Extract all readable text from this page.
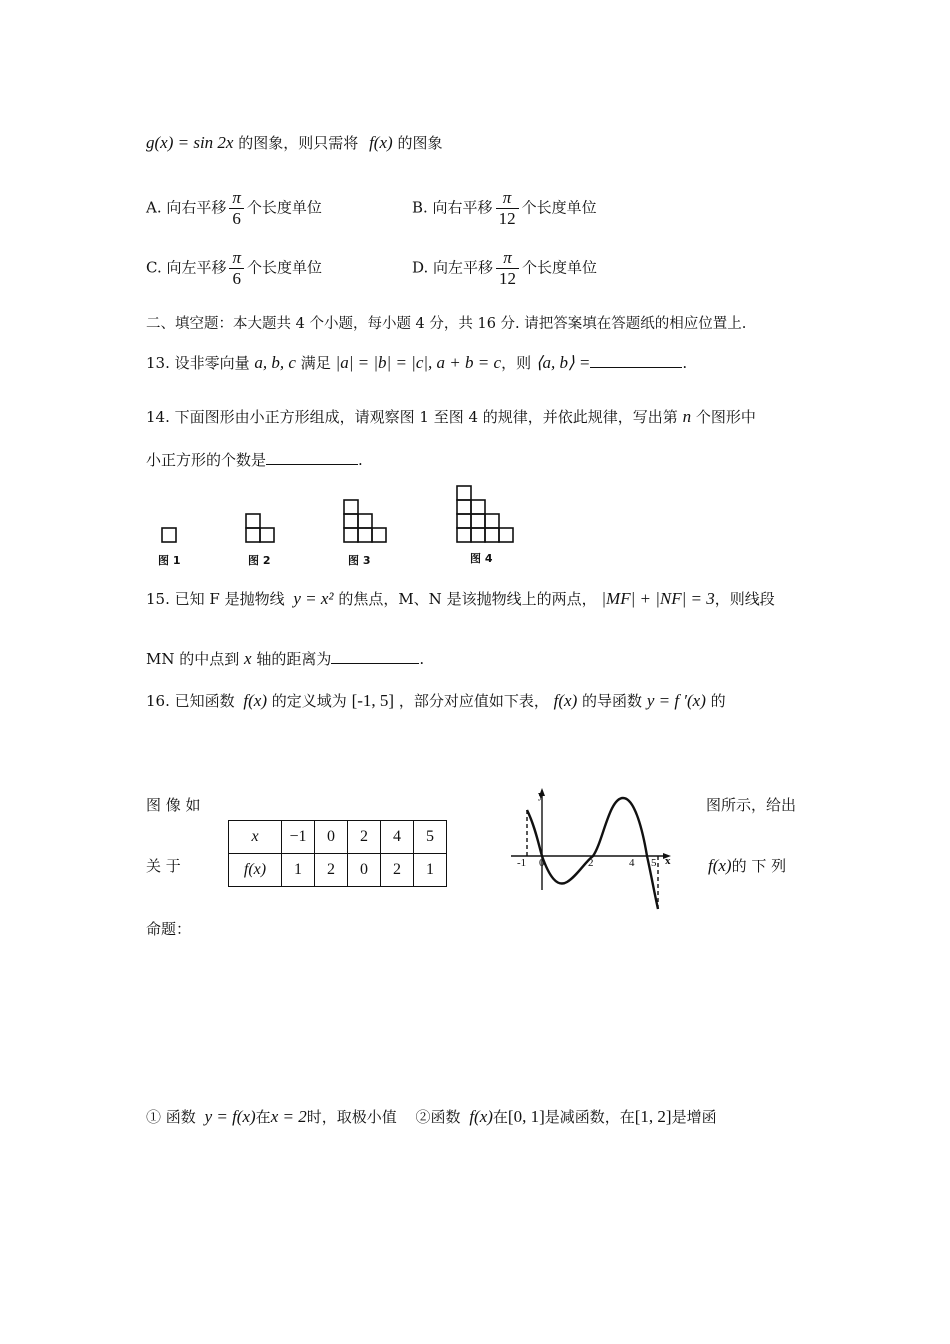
g(x) = sin 2x 的图象，则只需将 f(x) 的图象
A. 向右平移 $\frac{\pi}{6}$ 个长度单位	B. 向右平移 $\frac{\pi}{12}$ 个长度单位
C. 向左平移 $\frac{\pi}{6}$ 个长度单位	D. 向左平移 $\frac{\pi}{12}$ 个长度单位
二、填空题：本大题共 4 个小题，每小题 4 分，共 16 分. 请把答案填在答题纸的相应位置上.
13. 设非零向量 a, b, c 满足 |a| = |b| = |c|, a + b = c，则 ⟨a, b⟩ =	.
14. 下面图形由小正方形组成，请观察图 1 至图 4 的规律，并依此规律，写出第 n 个图形中
小正方形的个数是	.
图 1	图 2	图 3	图 4
15. 已知 F 是抛物线 y = x² 的焦点，M、N 是该抛物线上的两点， |MF| + |NF| = 3，则线段
MN 的中点到 x 轴的距离为	.
16. 已知函数 f(x) 的定义域为 [-1, 5] ，部分对应值如下表， f(x) 的导函数 y = f ′(x) 的
图 像 如
关 于
图所示，给出
f(x)的 下 列
x	−1	0	2	4	5
f(x)	1	2	0	2	1
y
x
-1 0	2	4 5
命题：
① 函数 y = f(x)在x = 2时，取极小值 ②函数 f(x)在[0, 1]是减函数，在[1, 2]是增函
